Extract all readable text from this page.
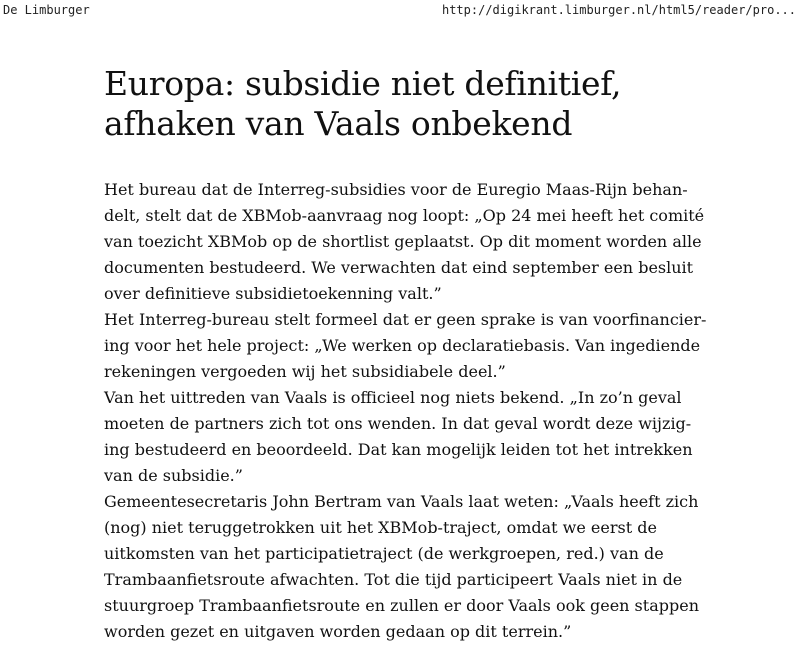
De Limburger	http://digikrant.limburger.nl/html5/reader/pro...
Europa: subsidie niet definitief,
afhaken van Vaals onbekend
Het bureau dat de Interreg-subsidies voor de Euregio Maas-Rijn behan-
delt, stelt dat de XBMob-aanvraag nog loopt: „Op 24 mei heeft het comité
van toezicht XBMob op de shortlist geplaatst. Op dit moment worden alle
documenten bestudeerd. We verwachten dat eind september een besluit
over definitieve subsidietoekenning valt.”
Het Interreg-bureau stelt formeel dat er geen sprake is van voorfinancier-
ing voor het hele project: „We werken op declaratiebasis. Van ingediende
rekeningen vergoeden wij het subsidiabele deel.”
Van het uittreden van Vaals is officieel nog niets bekend. „In zo’n geval
moeten de partners zich tot ons wenden. In dat geval wordt deze wijzig-
ing bestudeerd en beoordeeld. Dat kan mogelijk leiden tot het intrekken
van de subsidie.”
Gemeentesecretaris John Bertram van Vaals laat weten: „Vaals heeft zich
(nog) niet teruggetrokken uit het XBMob-traject, omdat we eerst de
uitkomsten van het participatietraject (de werkgroepen, red.) van de
Trambaanfietsroute afwachten. Tot die tijd participeert Vaals niet in de
stuurgroep Trambaanfietsroute en zullen er door Vaals ook geen stappen
worden gezet en uitgaven worden gedaan op dit terrein.”
